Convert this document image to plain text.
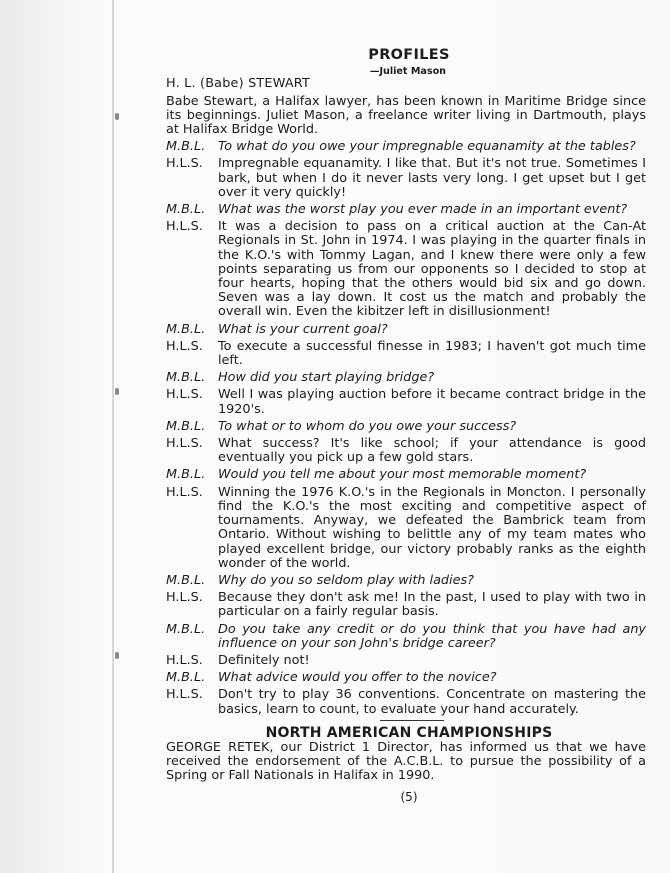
PROFILES
—Juliet Mason
H. L. (Babe) STEWART
Babe Stewart, a Halifax lawyer, has been known in Maritime Bridge since its beginnings. Juliet Mason, a freelance writer living in Dartmouth, plays at Halifax Bridge World.
M.B.L.	To what do you owe your impregnable equanamity at the tables?
H.L.S.	Impregnable equanamity. I like that. But it's not true. Sometimes I bark, but when I do it never lasts very long. I get upset but I get over it very quickly!
M.B.L.	What was the worst play you ever made in an important event?
H.L.S.	It was a decision to pass on a critical auction at the Can-At Regionals in St. John in 1974. I was playing in the quarter finals in the K.O.'s with Tommy Lagan, and I knew there were only a few points separating us from our opponents so I decided to stop at four hearts, hoping that the others would bid six and go down. Seven was a lay down. It cost us the match and probably the overall win. Even the kibitzer left in disillusionment!
M.B.L.	What is your current goal?
H.L.S.	To execute a successful finesse in 1983; I haven't got much time left.
M.B.L.	How did you start playing bridge?
H.L.S.	Well I was playing auction before it became contract bridge in the 1920's.
M.B.L.	To what or to whom do you owe your success?
H.L.S.	What success? It's like school; if your attendance is good eventually you pick up a few gold stars.
M.B.L.	Would you tell me about your most memorable moment?
H.L.S.	Winning the 1976 K.O.'s in the Regionals in Moncton. I personally find the K.O.'s the most exciting and competitive aspect of tournaments. Anyway, we defeated the Bambrick team from Ontario. Without wishing to belittle any of my team mates who played excellent bridge, our victory probably ranks as the eighth wonder of the world.
M.B.L.	Why do you so seldom play with ladies?
H.L.S.	Because they don't ask me! In the past, I used to play with two in particular on a fairly regular basis.
M.B.L.	Do you take any credit or do you think that you have had any influence on your son John's bridge career?
H.L.S.	Definitely not!
M.B.L.	What advice would you offer to the novice?
H.L.S.	Don't try to play 36 conventions. Concentrate on mastering the basics, learn to count, to evaluate your hand accurately.
NORTH AMERICAN CHAMPIONSHIPS
GEORGE RETEK, our District 1 Director, has informed us that we have received the endorsement of the A.C.B.L. to pursue the possibility of a Spring or Fall Nationals in Halifax in 1990.
(5)
